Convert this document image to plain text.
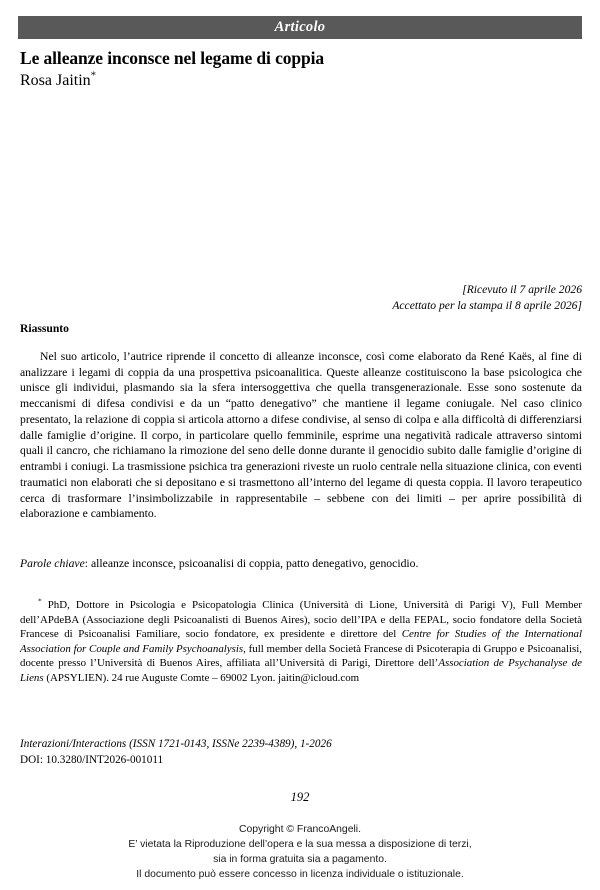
Articolo
Le alleanze inconsce nel legame di coppia

Rosa Jaitin*

[Ricevuto il 7 aprile 2026
Accettato per la stampa il 8 aprile 2026]
Riassunto
Nel suo articolo, l’autrice riprende il concetto di alleanze inconsce, così come elaborato da René Kaës, al fine di analizzare i legami di coppia da una prospettiva psicoanalitica. Queste alleanze costituiscono la base psicologica che unisce gli individui, plasmando sia la sfera intersoggettiva che quella transgenerazionale. Esse sono sostenute da meccanismi di difesa condivisi e da un “patto denegativo” che mantiene il legame coniugale. Nel caso clinico presentato, la relazione di coppia si articola attorno a difese condivise, al senso di colpa e alla difficoltà di differenziarsi dalle famiglie d’origine. Il corpo, in particolare quello femminile, esprime una negatività radicale attraverso sintomi quali il cancro, che richiamano la rimozione del seno delle donne durante il genocidio subito dalle famiglie d’origine di entrambi i coniugi. La trasmissione psichica tra generazioni riveste un ruolo centrale nella situazione clinica, con eventi traumatici non elaborati che si depositano e si trasmettono all’interno del legame di questa coppia. Il lavoro terapeutico cerca di trasformare l’insimbolizzabile in rappresentabile – sebbene con dei limiti – per aprire possibilità di elaborazione e cambiamento.
Parole chiave: alleanze inconsce, psicoanalisi di coppia, patto denegativo, genocidio.
* PhD, Dottore in Psicologia e Psicopatologia Clinica (Università di Lione, Università di Parigi V), Full Member dell’APdeBA (Associazione degli Psicoanalisti di Buenos Aires), socio dell’IPA e della FEPAL, socio fondatore della Società Francese di Psicoanalisi Familiare, socio fondatore, ex presidente e direttore del Centre for Studies of the International Association for Couple and Family Psychoanalysis, full member della Società Francese di Psicoterapia di Gruppo e Psicoanalisi, docente presso l’Università di Buenos Aires, affiliata all’Università di Parigi, Direttore dell’Association de Psychanalyse de Liens (APSYLIEN). 24 rue Auguste Comte – 69002 Lyon. jaitin@icloud.com
Interazioni/Interactions (ISSN 1721-0143, ISSNe 2239-4389), 1-2026
DOI: 10.3280/INT2026-001011
192
Copyright © FrancoAngeli.
E’ vietata la Riproduzione dell’opera e la sua messa a disposizione di terzi,
sia in forma gratuita sia a pagamento.
Il documento può essere concesso in licenza individuale o istituzionale.
